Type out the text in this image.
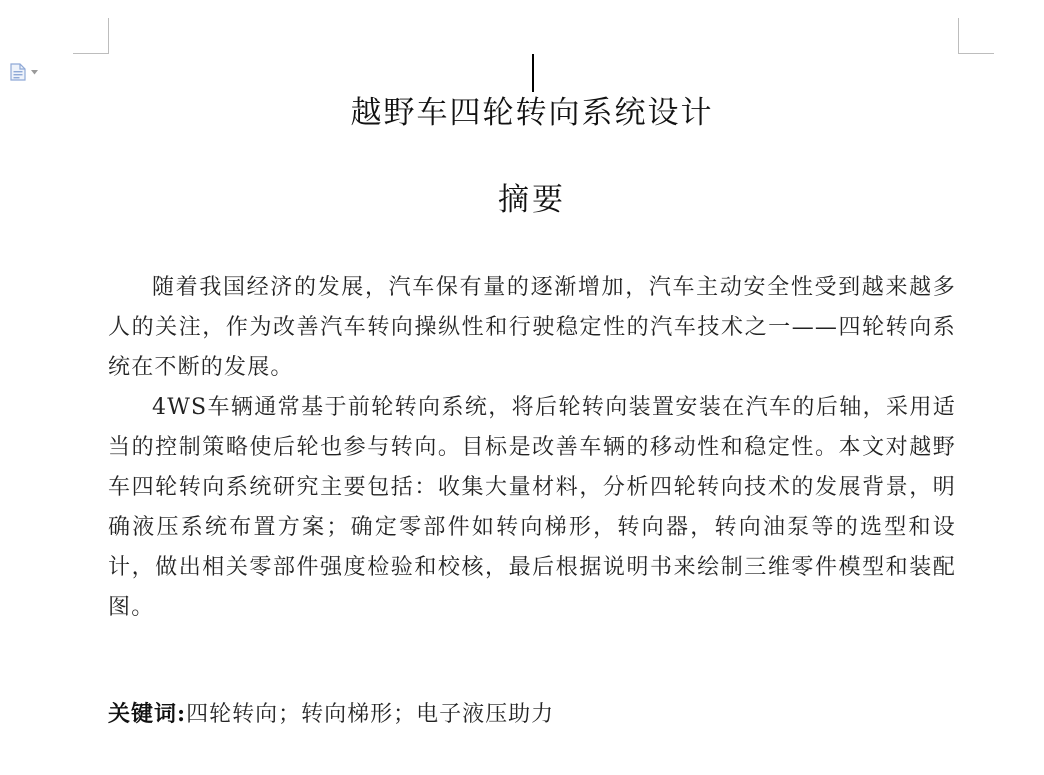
越野车四轮转向系统设计
摘要

随着我国经济的发展，汽车保有量的逐渐增加，汽车主动安全性受到越来越多人的关注，作为改善汽车转向操纵性和行驶稳定性的汽车技术之一——四轮转向系统在不断的发展。

4WS车辆通常基于前轮转向系统，将后轮转向装置安装在汽车的后轴，采用适当的控制策略使后轮也参与转向。目标是改善车辆的移动性和稳定性。本文对越野车四轮转向系统研究主要包括：收集大量材料，分析四轮转向技术的发展背景，明确液压系统布置方案；确定零部件如转向梯形，转向器，转向油泵等的选型和设计，做出相关零部件强度检验和校核，最后根据说明书来绘制三维零件模型和装配图。

关键词:四轮转向；转向梯形；电子液压助力
